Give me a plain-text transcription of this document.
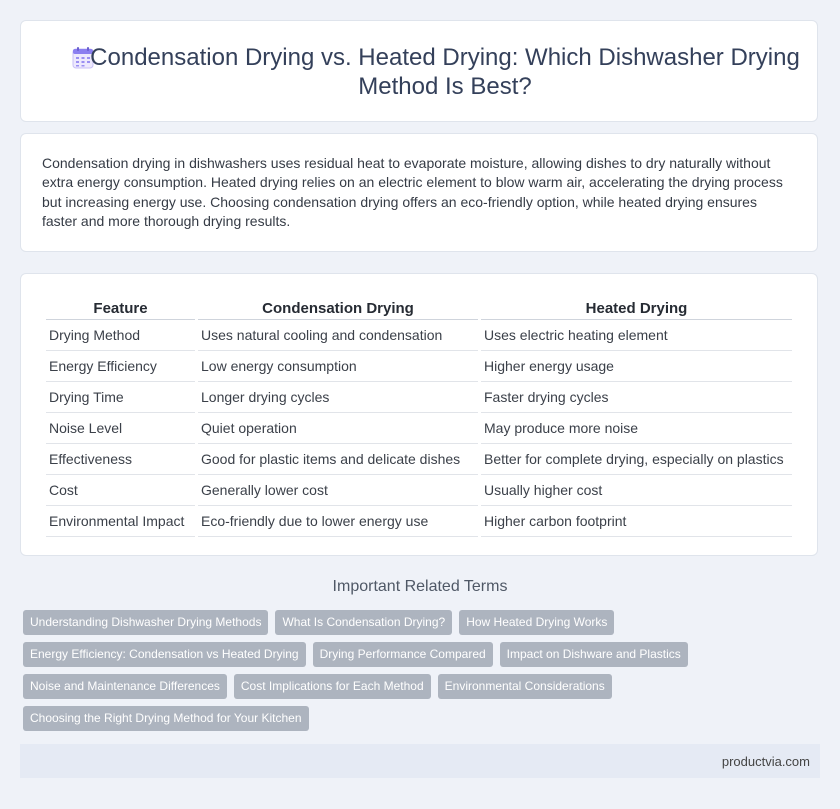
Condensation Drying vs. Heated Drying: Which Dishwasher Drying Method Is Best?

Condensation drying in dishwashers uses residual heat to evaporate moisture, allowing dishes to dry naturally without extra energy consumption. Heated drying relies on an electric element to blow warm air, accelerating the drying process but increasing energy use. Choosing condensation drying offers an eco-friendly option, while heated drying ensures faster and more thorough drying results.

Feature	Condensation Drying	Heated Drying
Drying Method	Uses natural cooling and condensation	Uses electric heating element
Energy Efficiency	Low energy consumption	Higher energy usage
Drying Time	Longer drying cycles	Faster drying cycles
Noise Level	Quiet operation	May produce more noise
Effectiveness	Good for plastic items and delicate dishes	Better for complete drying, especially on plastics
Cost	Generally lower cost	Usually higher cost
Environmental Impact	Eco-friendly due to lower energy use	Higher carbon footprint
Important Related Terms
Understanding Dishwasher Drying Methods	What Is Condensation Drying?	How Heated Drying Works
Energy Efficiency: Condensation vs Heated Drying	Drying Performance Compared	Impact on Dishware and Plastics
Noise and Maintenance Differences	Cost Implications for Each Method	Environmental Considerations
Choosing the Right Drying Method for Your Kitchen
productvia.com
